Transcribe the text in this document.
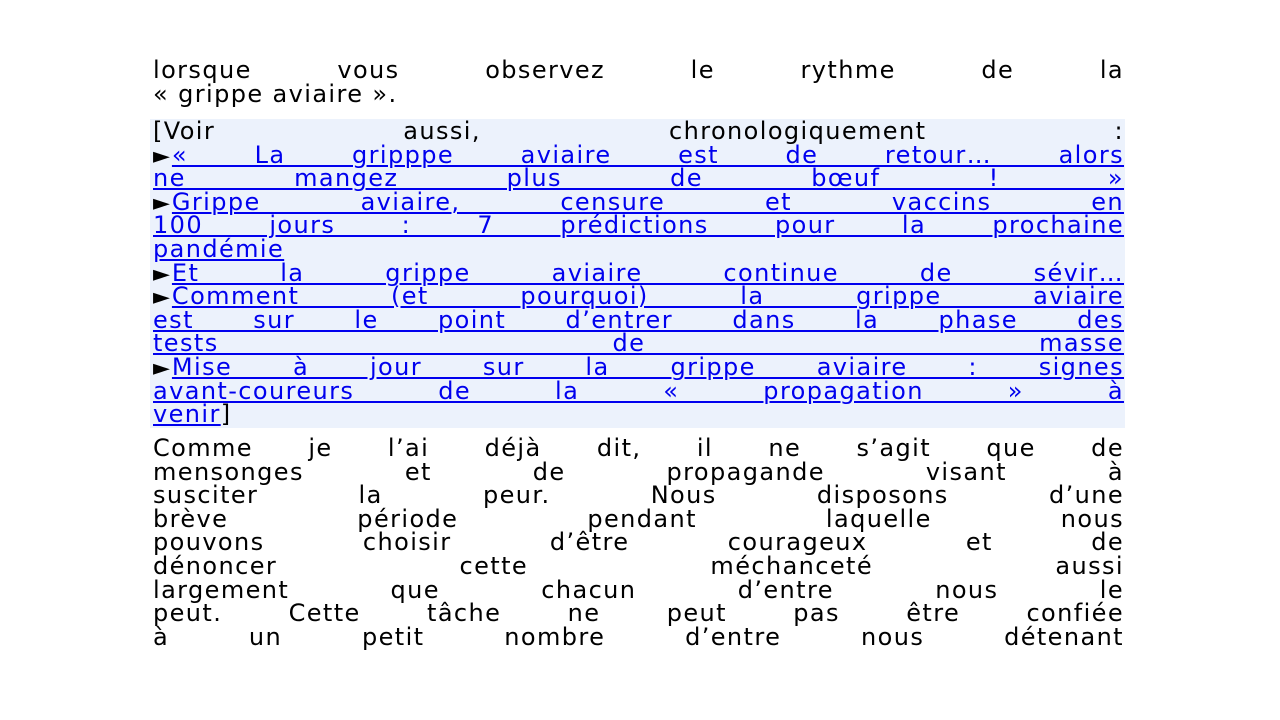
lorsque vous observez le rythme de la
« grippe aviaire ».
[Voir aussi, chronologiquement :
►« La gripppe aviaire est de retour… alors
ne mangez plus de bœuf ! »
►Grippe aviaire, censure et vaccins en
100 jours : 7 prédictions pour la prochaine
pandémie
►Et la grippe aviaire continue de sévir…
►Comment (et pourquoi) la grippe aviaire
est sur le point d’entrer dans la phase des
tests de masse
►Mise à jour sur la grippe aviaire : signes
avant-coureurs de la « propagation » à
venir]
Comme je l’ai déjà dit, il ne s’agit que de
mensonges et de propagande visant à
susciter la peur. Nous disposons d’une
brève période pendant laquelle nous
pouvons choisir d’être courageux et de
dénoncer cette méchanceté aussi
largement que chacun d’entre nous le
peut. Cette tâche ne peut pas être confiée
à un petit nombre d’entre nous détenant
